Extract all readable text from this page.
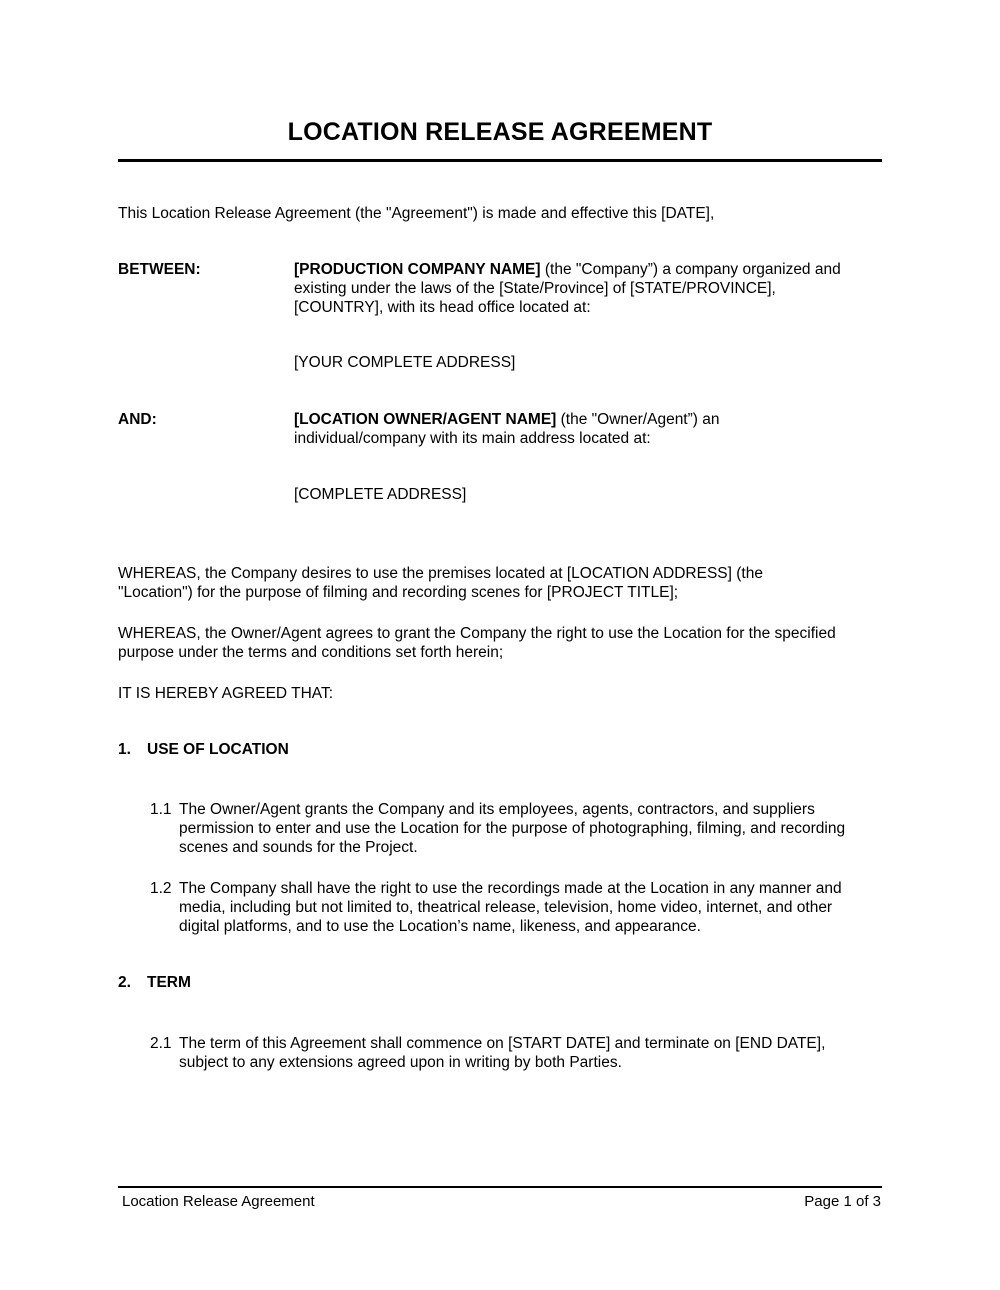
LOCATION RELEASE AGREEMENT
This Location Release Agreement (the "Agreement") is made and effective this [DATE],
BETWEEN:	[PRODUCTION COMPANY NAME] (the "Company”) a company organized and
existing under the laws of the [State/Province] of [STATE/PROVINCE],
[COUNTRY], with its head office located at:
[YOUR COMPLETE ADDRESS]
AND:	[LOCATION OWNER/AGENT NAME] (the "Owner/Agent”) an
individual/company with its main address located at:
[COMPLETE ADDRESS]
WHEREAS, the Company desires to use the premises located at [LOCATION ADDRESS] (the
"Location") for the purpose of filming and recording scenes for [PROJECT TITLE];
WHEREAS, the Owner/Agent agrees to grant the Company the right to use the Location for the specified
purpose under the terms and conditions set forth herein;
IT IS HEREBY AGREED THAT:
1. USE OF LOCATION
1.1 The Owner/Agent grants the Company and its employees, agents, contractors, and suppliers
permission to enter and use the Location for the purpose of photographing, filming, and recording
scenes and sounds for the Project.
1.2 The Company shall have the right to use the recordings made at the Location in any manner and
media, including but not limited to, theatrical release, television, home video, internet, and other
digital platforms, and to use the Location’s name, likeness, and appearance.
2. TERM
2.1 The term of this Agreement shall commence on [START DATE] and terminate on [END DATE],
subject to any extensions agreed upon in writing by both Parties.
Location Release Agreement	Page 1 of 3
